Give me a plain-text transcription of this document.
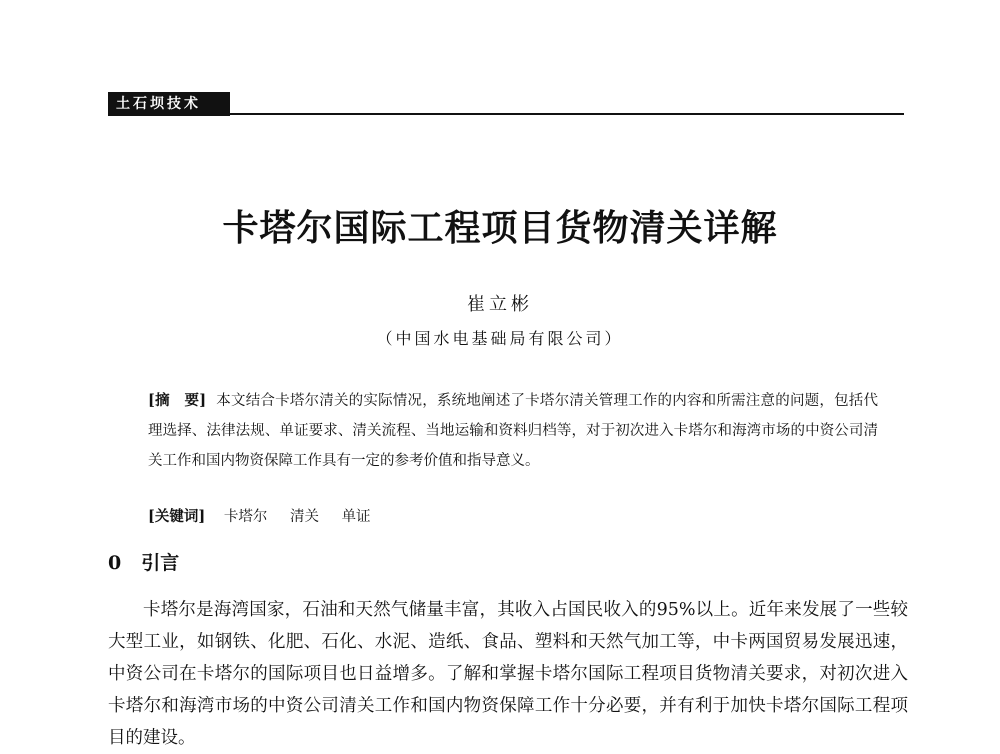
土石坝技术
卡塔尔国际工程项目货物清关详解
崔立彬
（中国水电基础局有限公司）
[摘　要] 本文结合卡塔尔清关的实际情况，系统地阐述了卡塔尔清关管理工作的内容和所需注意的问题，包括代理选择、法律法规、单证要求、清关流程、当地运输和资料归档等，对于初次进入卡塔尔和海湾市场的中资公司清关工作和国内物资保障工作具有一定的参考价值和指导意义。
[关键词] 卡塔尔 清关 单证
0 引言
卡塔尔是海湾国家，石油和天然气储量丰富，其收入占国民收入的95%以上。近年来发展了一些较大型工业，如钢铁、化肥、石化、水泥、造纸、食品、塑料和天然气加工等，中卡两国贸易发展迅速，中资公司在卡塔尔的国际项目也日益增多。了解和掌握卡塔尔国际工程项目货物清关要求，对初次进入卡塔尔和海湾市场的中资公司清关工作和国内物资保障工作十分必要，并有利于加快卡塔尔国际工程项目的建设。
